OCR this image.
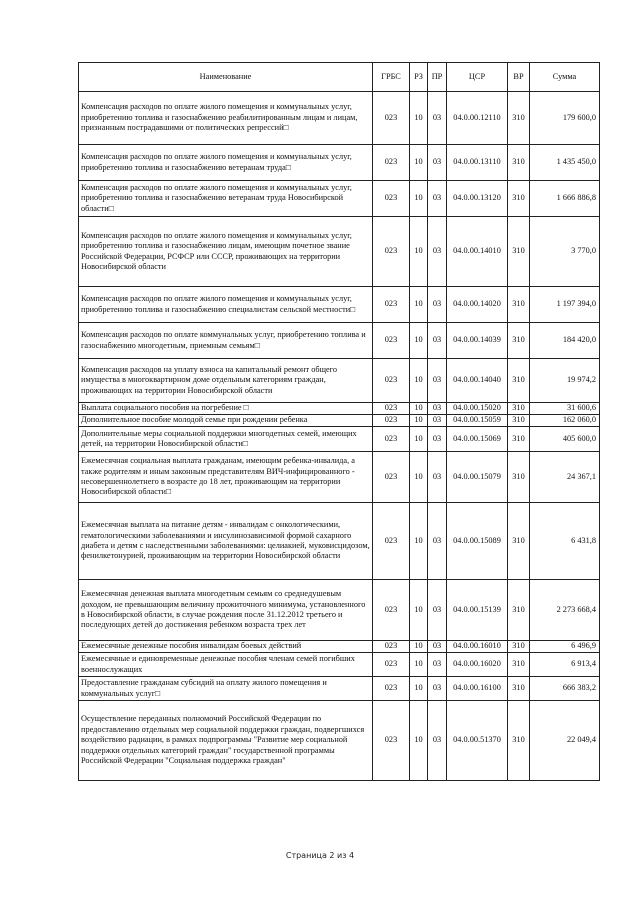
Наименование	ГРБС	РЗ	ПР	ЦСР	ВР	Сумма
Компенсация расходов по оплате жилого помещения и коммунальных услуг, приобретению топлива и газоснабжению реабилитированным лицам и лицам, признанным пострадавшими от политических репрессий□	023	10	03	04.0.00.12110	310	179 600,0
Компенсация расходов по оплате жилого помещения и коммунальных услуг, приобретению топлива и газоснабжению ветеранам труда□	023	10	03	04.0.00.13110	310	1 435 450,0
Компенсация расходов по оплате жилого помещения и коммунальных услуг, приобретению топлива и газоснабжению ветеранам труда Новосибирской области□	023	10	03	04.0.00.13120	310	1 666 886,8
Компенсация расходов по оплате жилого помещения и коммунальных услуг, приобретению топлива и газоснабжению лицам, имеющим почетное звание Российской Федерации, РСФСР или СССР, проживающих на территории Новосибирской области	023	10	03	04.0.00.14010	310	3 770,0
Компенсация расходов по оплате жилого помещения и коммунальных услуг, приобретению топлива и газоснабжению специалистам сельской местности□	023	10	03	04.0.00.14020	310	1 197 394,0
Компенсация расходов по оплате коммунальных услуг, приобретению топлива и газоснабжению многодетным, приемным семьям□	023	10	03	04.0.00.14039	310	184 420,0
Компенсация расходов на уплату взноса на капитальный ремонт общего имущества в многоквартирном доме отдельным категориям граждан, проживающих на территории Новосибирской области	023	10	03	04.0.00.14040	310	19 974,2
Выплата социального пособия на погребение □	023	10	03	04.0.00.15020	310	31 600,6
Дополнительное пособие молодой семье при рождении ребенка	023	10	03	04.0.00.15059	310	162 060,0
Дополнительные меры социальной поддержки многодетных семей, имеющих детей, на территории Новосибирской области□	023	10	03	04.0.00.15069	310	405 600,0
Ежемесячная социальная выплата гражданам, имеющим ребенка-инвалида, а также родителям и иным законным представителям ВИЧ-инфицированного - несовершеннолетнего в возрасте до 18 лет, проживающим на территории Новосибирской области□	023	10	03	04.0.00.15079	310	24 367,1
Ежемесячная выплата на питание детям - инвалидам с онкологическими, гематологическими заболеваниями и инсулинозависимой формой сахарного диабета и детям с наследственными заболеваниями: целиакией, муковисцидозом, фенилкетонурией, проживающим на территории Новосибирской области	023	10	03	04.0.00.15089	310	6 431,8
Ежемесячная денежная выплата многодетным семьям со среднедушевым доходом, не превышающим величину прожиточного минимума, установленного в Новосибирской области, в случае рождения после 31.12.2012 третьего и последующих детей до достижения ребенком возраста трех лет	023	10	03	04.0.00.15139	310	2 273 668,4
Ежемесячные денежные пособия инвалидам боевых действий	023	10	03	04.0.00.16010	310	6 496,9
Ежемесячные и единовременные денежные пособия членам семей погибших военнослужащих	023	10	03	04.0.00.16020	310	6 913,4
Предоставление гражданам субсидий на оплату жилого помещения и коммунальных услуг□	023	10	03	04.0.00.16100	310	666 383,2
Осуществление переданных полномочий Российской Федерации по предоставлению отдельных мер социальной поддержки граждан, подвергшихся воздействию радиации, в рамках подпрограммы "Развитие мер социальной поддержки отдельных категорий граждан" государственной программы Российской Федерации "Социальная поддержка граждан"	023	10	03	04.0.00.51370	310	22 049,4
Страница 2 из 4
